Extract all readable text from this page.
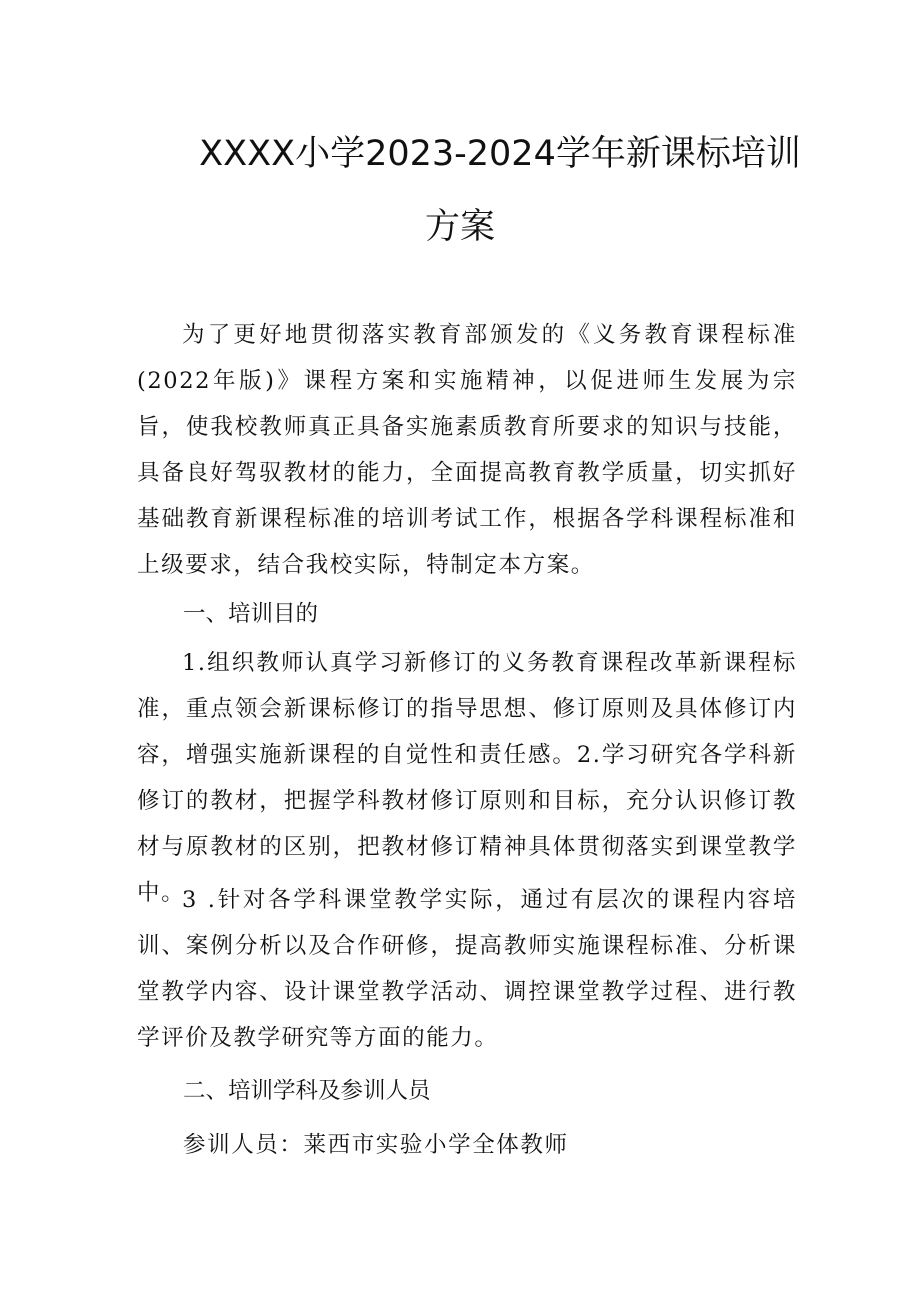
XXXX小学2023-2024学年新课标培训
方案
为了更好地贯彻落实教育部颁发的《义务教育课程标准(2022年版)》课程方案和实施精神，以促进师生发展为宗旨，使我校教师真正具备实施素质教育所要求的知识与技能，具备良好驾驭教材的能力，全面提高教育教学质量，切实抓好基础教育新课程标准的培训考试工作，根据各学科课程标准和上级要求，结合我校实际，特制定本方案。
一、培训目的
1.组织教师认真学习新修订的义务教育课程改革新课程标准，重点领会新课标修订的指导思想、修订原则及具体修订内容，增强实施新课程的自觉性和责任感。2.学习研究各学科新修订的教材，把握学科教材修订原则和目标，充分认识修订教材与原教材的区别，把教材修订精神具体贯彻落实到课堂教学中。
3 .针对各学科课堂教学实际，通过有层次的课程内容培训、案例分析以及合作研修，提高教师实施课程标准、分析课堂教学内容、设计课堂教学活动、调控课堂教学过程、进行教学评价及教学研究等方面的能力。
二、培训学科及参训人员
参训人员：莱西市实验小学全体教师
